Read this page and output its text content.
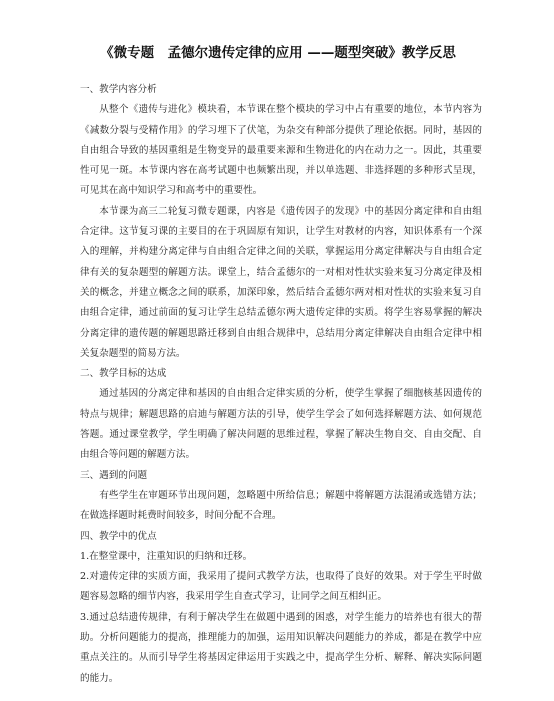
《微专题　孟德尔遗传定律的应用 ——题型突破》教学反思
一、教学内容分析
从整个《遗传与进化》模块看，本节课在整个模块的学习中占有重要的地位，本节内容为《减数分裂与受精作用》的学习埋下了伏笔，为杂交有种部分提供了理论依据。同时，基因的自由组合导致的基因重组是生物变异的最重要来源和生物进化的内在动力之一。因此，其重要性可见一斑。本节课内容在高考试题中也频繁出现，并以单选题、非选择题的多种形式呈现，可见其在高中知识学习和高考中的重要性。
本节课为高三二轮复习微专题课，内容是《遗传因子的发现》中的基因分离定律和自由组合定律。这节复习课的主要目的在于巩固原有知识，让学生对教材的内容，知识体系有一个深入的理解，并构建分离定律与自由组合定律之间的关联，掌握运用分离定律解决与自由组合定律有关的复杂题型的解题方法。课堂上，结合孟德尔的一对相对性状实验来复习分离定律及相关的概念，并建立概念之间的联系，加深印象，然后结合孟德尔两对相对性状的实验来复习自由组合定律，通过前面的复习让学生总结孟德尔两大遗传定律的实质。将学生容易掌握的解决分离定律的遗传题的解题思路迁移到自由组合规律中，总结用分离定律解决自由组合定律中相关复杂题型的简易方法。
二、教学目标的达成
通过基因的分离定律和基因的自由组合定律实质的分析，使学生掌握了细胞核基因遗传的特点与规律；解题思路的启迪与解题方法的引导，使学生学会了如何选择解题方法、如何规范答题。通过课堂教学，学生明确了解决问题的思维过程，掌握了解决生物自交、自由交配、自由组合等问题的解题方法。
三、遇到的问题
有些学生在审题环节出现问题，忽略题中所给信息；解题中将解题方法混淆或选错方法；在做选择题时耗费时间较多，时间分配不合理。
四、教学中的优点
1.在整堂课中，注重知识的归纳和迁移。
2.对遗传定律的实质方面，我采用了提问式教学方法，也取得了良好的效果。对于学生平时做题容易忽略的细节内容，我采用学生自查式学习，让同学之间互相纠正。
3.通过总结遗传规律，有利于解决学生在做题中遇到的困惑，对学生能力的培养也有很大的帮助。分析问题能力的提高，推理能力的加强，运用知识解决问题能力的养成，都是在教学中应重点关注的。从而引导学生将基因定律运用于实践之中，提高学生分析、解释、解决实际问题的能力。
